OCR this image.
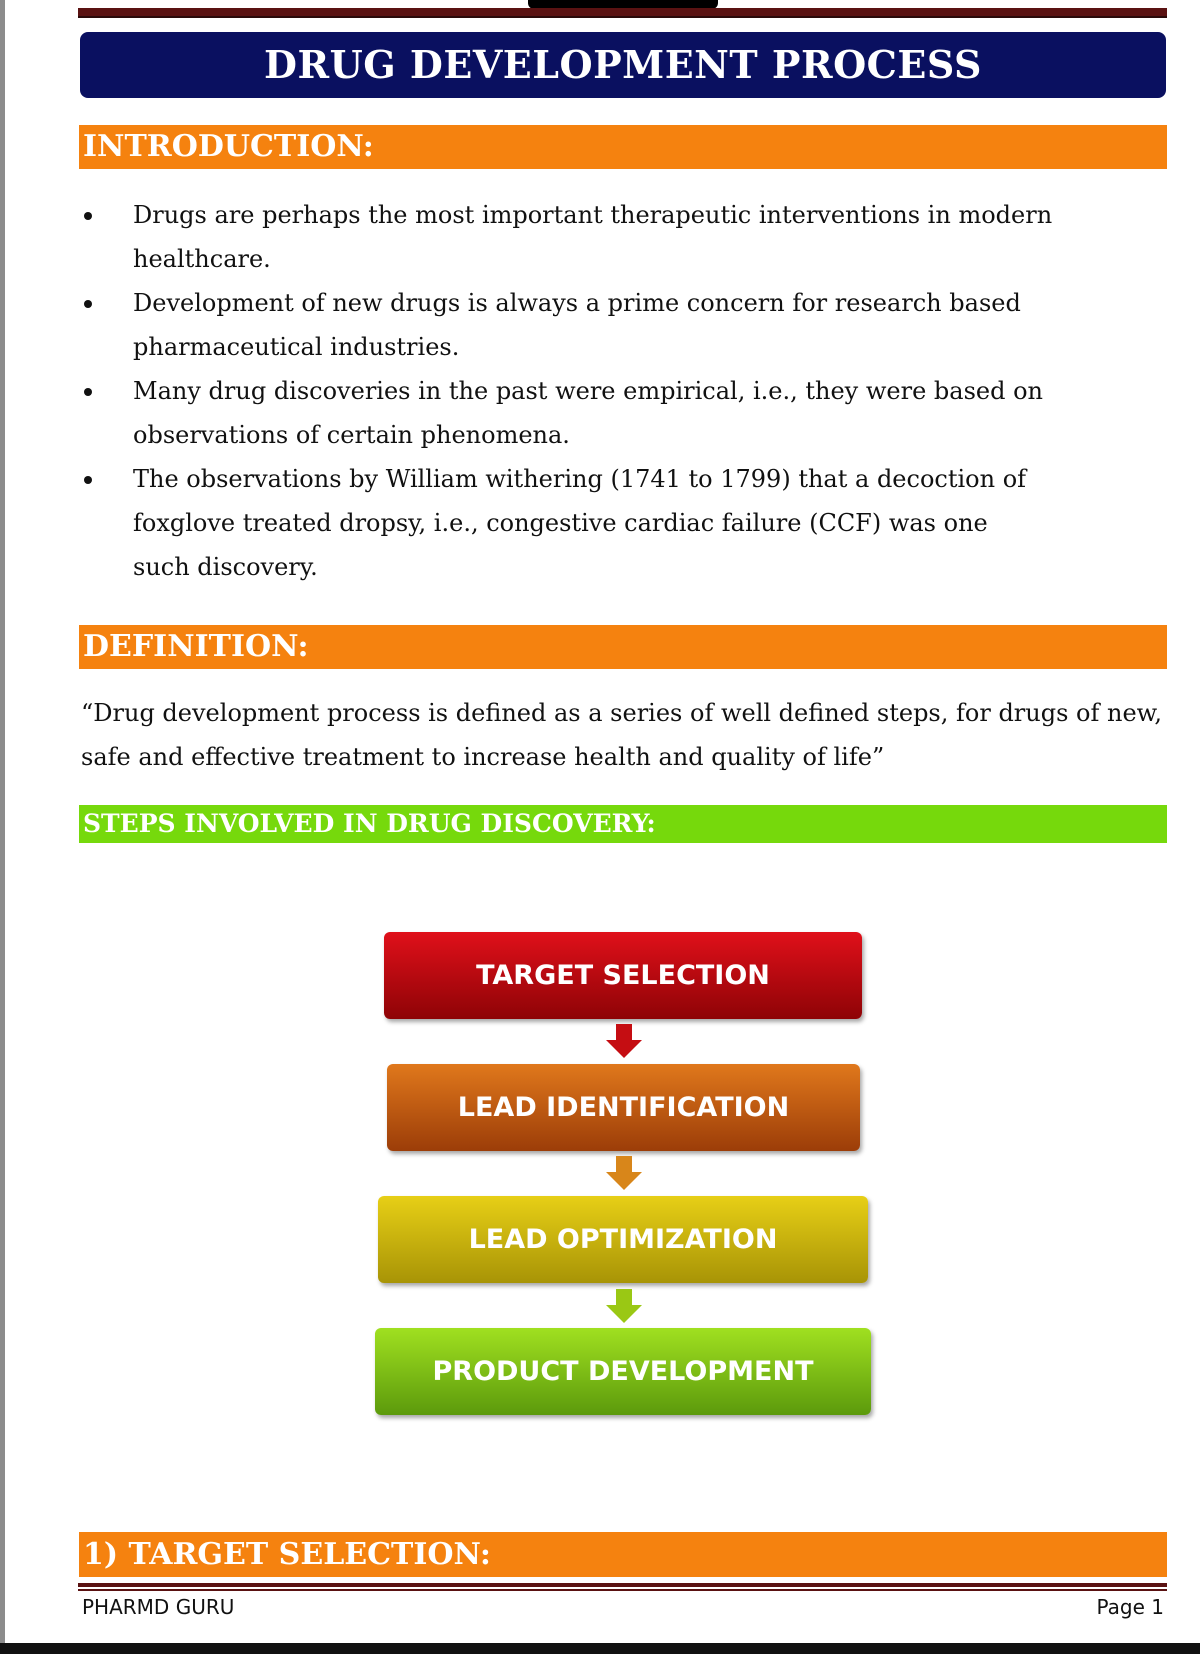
DRUG DEVELOPMENT PROCESS
INTRODUCTION:
Drugs are perhaps the most important therapeutic interventions in modern healthcare.
Development of new drugs is always a prime concern for research based pharmaceutical industries.
Many drug discoveries in the past were empirical, i.e., they were based on observations of certain phenomena.
The observations by William withering (1741 to 1799) that a decoction of foxglove treated dropsy, i.e., congestive cardiac failure (CCF) was one such discovery.
DEFINITION:

“Drug development process is defined as a series of well defined steps, for drugs of new, safe and effective treatment to increase health and quality of life”

STEPS INVOLVED IN DRUG DISCOVERY:
TARGET SELECTION
LEAD IDENTIFICATION
LEAD OPTIMIZATION
PRODUCT DEVELOPMENT
1) TARGET SELECTION:
PHARMD GURU	Page 1
